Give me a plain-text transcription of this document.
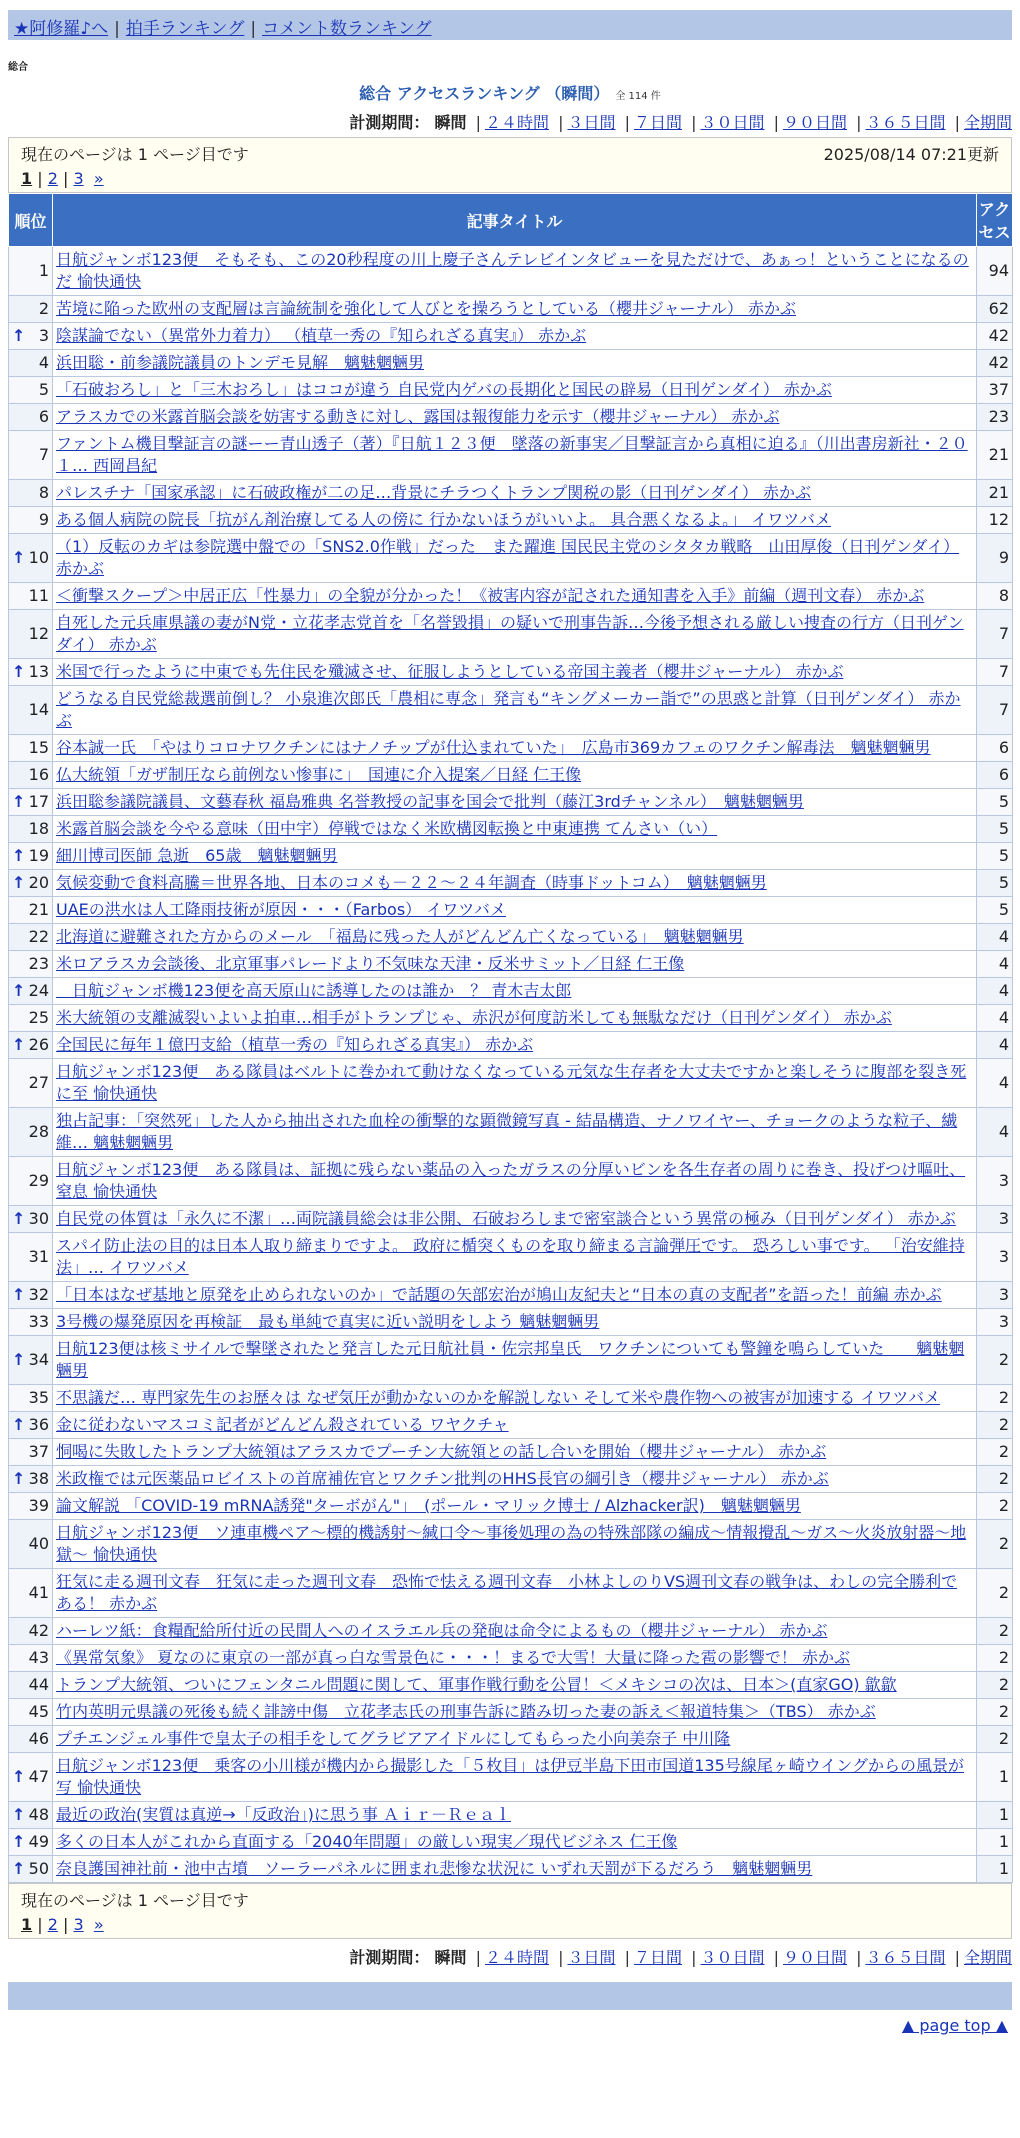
★阿修羅♪へ | 拍手ランキング | コメント数ランキング
総合
総合 アクセスランキング （瞬間） 全 114 件
計測期間： 瞬間 | ２４時間 | ３日間 | ７日間 | ３０日間 | ９０日間 | ３６５日間 | 全期間
現在のページは 1 ページ目です	2025/08/14 07:21更新
1 | 2 | 3 »
順位	記事タイトル	アクセス
1	日航ジャンボ123便　そもそも、この20秒程度の川上慶子さんテレビインタビューを見ただけで、あぁっ！ということになるのだ 愉快通快	94
2	苦境に陥った欧州の支配層は言論統制を強化して人びとを操ろうとしている（櫻井ジャーナル） 赤かぶ	62

↑ 3	陰謀論でない（異常外力着力） （植草一秀の『知られざる真実』） 赤かぶ	42
4	浜田聡・前参議院議員のトンデモ見解　魑魅魍魎男	42
5	「石破おろし」と「三木おろし」はココが違う 自民党内ゲバの長期化と国民の辟易（日刊ゲンダイ） 赤かぶ	37
6	アラスカでの米露首脳会談を妨害する動きに対し、露国は報復能力を示す（櫻井ジャーナル） 赤かぶ	23
7	ファントム機目撃証言の謎ーー青山透子（著）『日航１２３便　墜落の新事実／目撃証言から真相に迫る』（川出書房新社・２０１… 西岡昌紀	21
8	パレスチナ「国家承認」に石破政権が二の足…背景にチラつくトランプ関税の影（日刊ゲンダイ） 赤かぶ	21
9	ある個人病院の院長「抗がん剤治療してる人の傍に 行かないほうがいいよ。 具合悪くなるよ。」 イワツバメ	12

↑ 10	（1）反転のカギは参院選中盤での「SNS2.0作戦」だった　また躍進 国民民主党のシタタカ戦略　山田厚俊（日刊ゲンダイ） 赤かぶ	9
11	＜衝撃スクープ＞中居正広「性暴力」の全貌が分かった！《被害内容が記された通知書を入手》前編（週刊文春） 赤かぶ	8
12	自死した元兵庫県議の妻がN党・立花孝志党首を「名誉毀損」の疑いで刑事告訴…今後予想される厳しい捜査の行方（日刊ゲンダイ） 赤かぶ	7

↑ 13	米国で行ったように中東でも先住民を殲滅させ、征服しようとしている帝国主義者（櫻井ジャーナル） 赤かぶ	7
14	どうなる自民党総裁選前倒し？ 小泉進次郎氏「農相に専念」発言も“キングメーカー詣で”の思惑と計算（日刊ゲンダイ） 赤かぶ	7
15	谷本誠一氏　「やはりコロナワクチンにはナノチップが仕込まれていた」　広島市369カフェのワクチン解毒法　魑魅魍魎男	6
16	仏大統領「ガザ制圧なら前例ない惨事に」　国連に介入提案／日経 仁王像	6

↑ 17	浜田聡参議院議員、文藝春秋 福島雅典 名誉教授の記事を国会で批判（藤江3rdチャンネル）　魑魅魍魎男	5
18	米露首脳会談を今やる意味（田中宇）停戦ではなく米欧構図転換と中東連携 てんさい（い）	5

↑ 19	細川博司医師 急逝　65歳　魑魅魍魎男	5

↑ 20	気候変動で食料高騰＝世界各地、日本のコメも－２２～２４年調査（時事ドットコム）　魑魅魍魎男	5
21	UAEの洪水は人工降雨技術が原因・・・（Farbos） イワツバメ	5
22	北海道に避難された方からのメール　「福島に残った人がどんどん亡くなっている」　魑魅魍魎男	4
23	米ロアラスカ会談後、北京軍事パレードより不気味な天津・反米サミット／日経 仁王像	4

↑ 24	　日航ジャンボ機123便を高天原山に誘導したのは誰か　？ 青木吉太郎	4
25	米大統領の支離滅裂いよいよ拍車…相手がトランプじゃ、赤沢が何度訪米しても無駄なだけ（日刊ゲンダイ） 赤かぶ	4

↑ 26	全国民に毎年１億円支給（植草一秀の『知られざる真実』） 赤かぶ	4
27	日航ジャンボ123便　ある隊員はベルトに巻かれて動けなくなっている元気な生存者を大丈夫ですかと楽しそうに腹部を裂き死に至 愉快通快	4
28	独占記事：「突然死」した人から抽出された血栓の衝撃的な顕微鏡写真 - 結晶構造、ナノワイヤー、チョークのような粒子、繊維… 魑魅魍魎男	4
29	日航ジャンボ123便　ある隊員は、証拠に残らない薬品の入ったガラスの分厚いビンを各生存者の周りに巻き、投げつけ嘔吐、窒息 愉快通快	3

↑ 30	自民党の体質は「永久に不潔」…両院議員総会は非公開、石破おろしまで密室談合という異常の極み（日刊ゲンダイ） 赤かぶ	3
31	スパイ防止法の目的は日本人取り締まりですよ。 政府に楯突くものを取り締まる言論弾圧です。 恐ろしい事です。 「治安維持法」… イワツバメ	3

↑ 32	「日本はなぜ基地と原発を止められないのか」で話題の矢部宏治が鳩山友紀夫と“日本の真の支配者”を語った！前編 赤かぶ	3
33	3号機の爆発原因を再検証　最も単純で真実に近い説明をしよう 魑魅魍魎男	3

↑ 34	日航123便は核ミサイルで撃墜されたと発言した元日航社員・佐宗邦皇氏　ワクチンについても警鐘を鳴らしていた　　魑魅魍魎男	2
35	不思議だ… 専門家先生のお歴々は なぜ気圧が動かないのかを解説しない そして米や農作物への被害が加速する イワツバメ	2

↑ 36	金に従わないマスコミ記者がどんどん殺されている ワヤクチャ	2
37	恫喝に失敗したトランプ大統領はアラスカでプーチン大統領との話し合いを開始（櫻井ジャーナル） 赤かぶ	2

↑ 38	米政権では元医薬品ロビイストの首席補佐官とワクチン批判のHHS長官の綱引き（櫻井ジャーナル） 赤かぶ	2
39	論文解説 「COVID-19 mRNA誘発"ターボがん"」　(ポール・マリック博士 / Alzhacker訳)　魑魅魍魎男	2
40	日航ジャンボ123便　ソ連車機ペア～標的機誘射～緘口令～事後処理の為の特殊部隊の編成～情報攪乱～ガス～火炎放射器～地獄～ 愉快通快	2
41	狂気に走る週刊文春　狂気に走った週刊文春　恐怖で怯える週刊文春　小林よしのりVS週刊文春の戦争は、わしの完全勝利である！ 赤かぶ	2
42	ハーレツ紙：食糧配給所付近の民間人へのイスラエル兵の発砲は命令によるもの（櫻井ジャーナル） 赤かぶ	2
43	《異常気象》 夏なのに東京の一部が真っ白な雪景色に・・・！まるで大雪！大量に降った雹の影響で！ 赤かぶ	2
44	トランプ大統領、ついにフェンタニル問題に関して、軍事作戦行動を公冒！＜メキシコの次は、日本＞(直家GO) 歙歙	2
45	竹内英明元県議の死後も続く誹謗中傷　立花孝志氏の刑事告訴に踏み切った妻の訴え＜報道特集＞（TBS） 赤かぶ	2
46	プチエンジェル事件で皇太子の相手をしてグラビアアイドルにしてもらった小向美奈子 中川隆	2

↑ 47	日航ジャンボ123便　乗客の小川様が機内から撮影した「５枚目」は伊豆半島下田市国道135号線尾ヶ崎ウイングからの風景が写 愉快通快	1

↑ 48	最近の政治(実質は真逆→「反政治」)に思う事 Ａｉｒ－Ｒｅａｌ	1

↑ 49	多くの日本人がこれから直面する「2040年問題」の厳しい現実／現代ビジネス 仁王像	1

↑ 50	奈良護国神社前・池中古墳　ソーラーパネルに囲まれ悲惨な状況に いずれ天罰が下るだろう　魑魅魍魎男	1
現在のページは 1 ページ目です
1 | 2 | 3 »
計測期間： 瞬間 | ２４時間 | ３日間 | ７日間 | ３０日間 | ９０日間 | ３６５日間 | 全期間
▲ page top ▲
